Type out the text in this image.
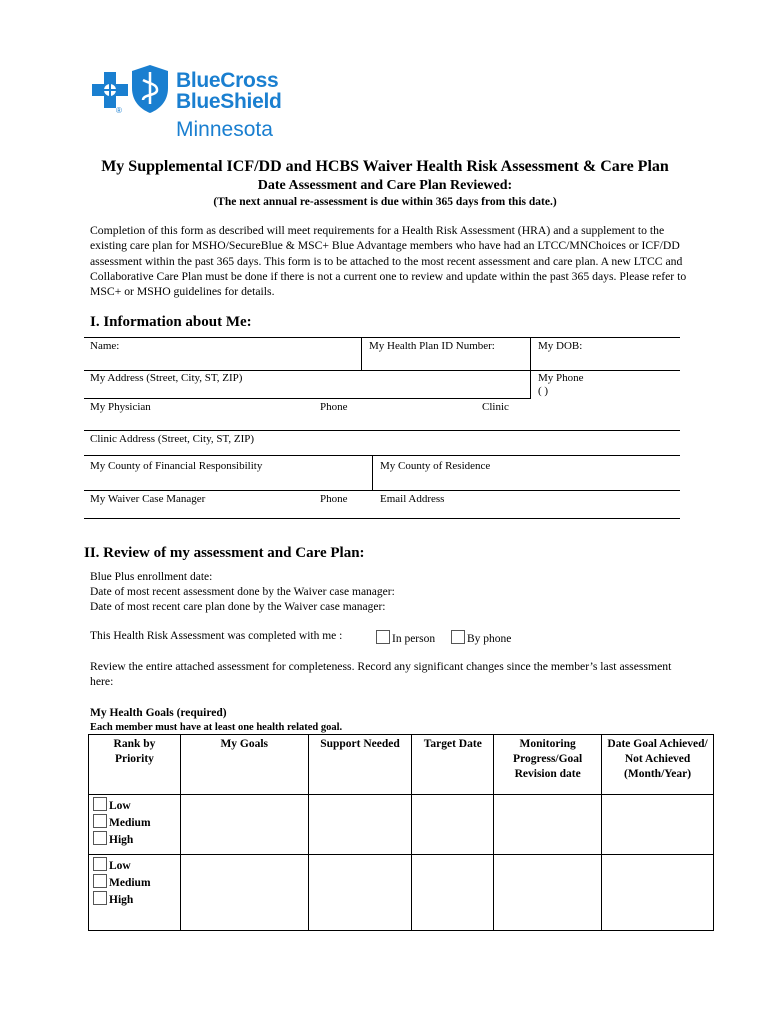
®
BlueCross
BlueShield
Minnesota
My Supplemental ICF/DD and HCBS Waiver Health Risk Assessment & Care Plan
Date Assessment and Care Plan Reviewed:
(The next annual re-assessment is due within 365 days from this date.)
Completion of this form as described will meet requirements for a Health Risk Assessment (HRA) and a supplement to the existing care plan for MSHO/SecureBlue & MSC+ Blue Advantage members who have had an LTCC/MNChoices or ICF/DD assessment within the past 365 days. This form is to be attached to the most recent assessment and care plan. A new LTCC and Collaborative Care Plan must be done if there is not a current one to review and update within the past 365 days. Please refer to MSC+ or MSHO guidelines for details.
I. Information about Me:
Name:	My Health Plan ID Number:	My DOB:
My Address (Street, City, ST, ZIP)	My Phone
( )
My Physician	Phone	Clinic
Clinic Address (Street, City, ST, ZIP)
My County of Financial Responsibility	My County of Residence
My Waiver Case Manager	Phone	Email Address
II. Review of my assessment and Care Plan:
Blue Plus enrollment date:
Date of most recent assessment done by the Waiver case manager:
Date of most recent care plan done by the Waiver case manager:
This Health Risk Assessment was completed with me :	In person	By phone
Review the entire attached assessment for completeness. Record any significant changes since the member’s last assessment here:
My Health Goals (required)
Each member must have at least one health related goal.
Rank by Priority	My Goals	Support Needed	Target Date	Monitoring Progress/Goal Revision date	Date Goal Achieved/ Not Achieved (Month/Year)

Low
Medium
High					

Low
Medium
High					
